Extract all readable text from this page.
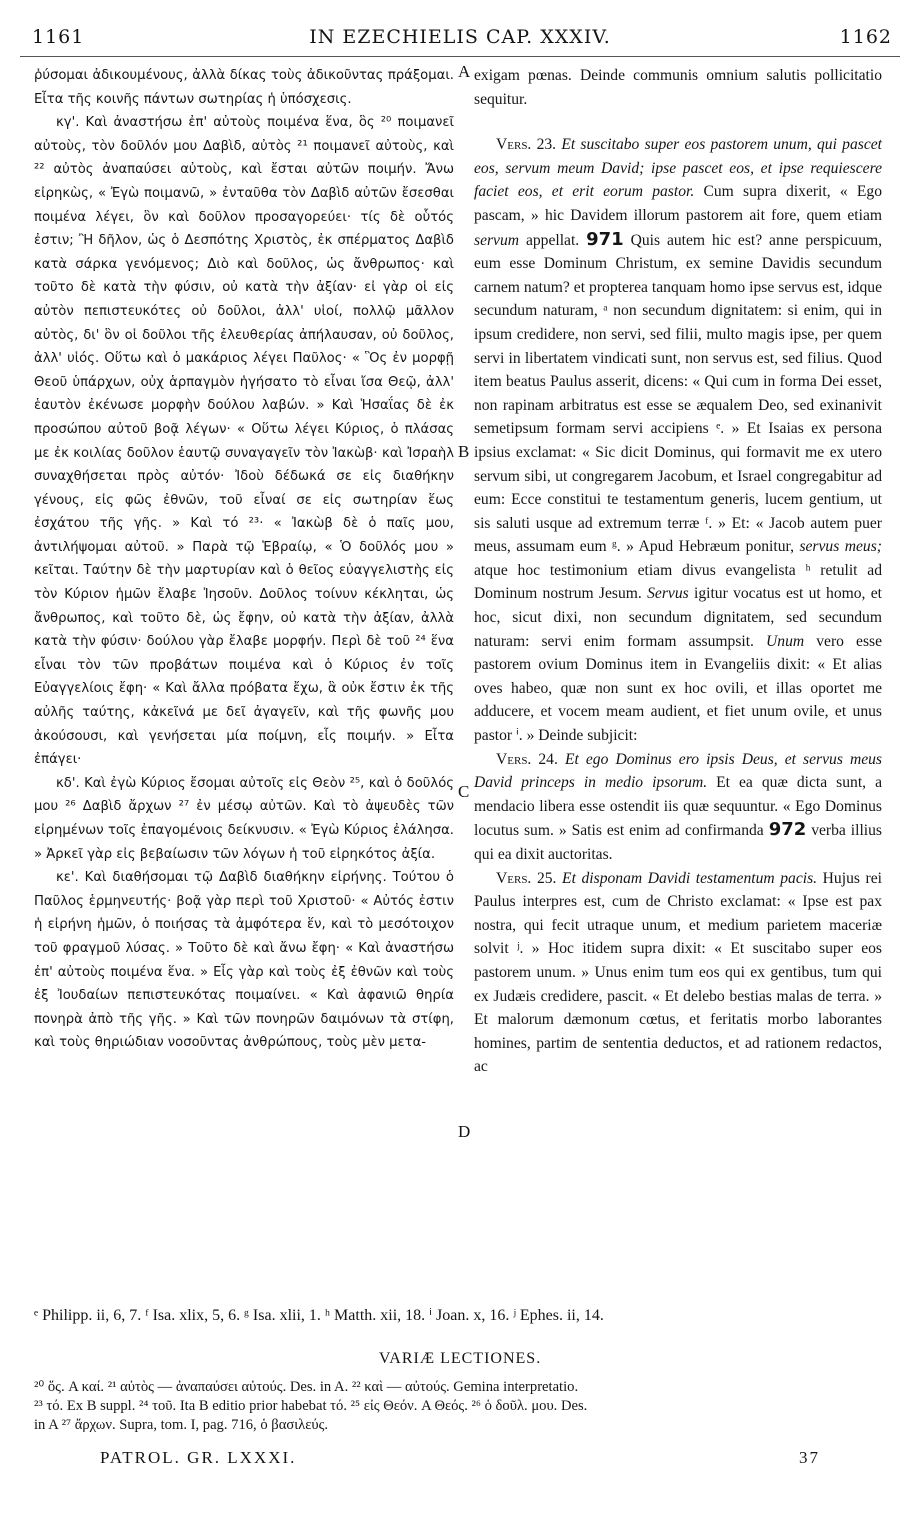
1161	IN EZECHIELIS CAP. XXXIV.	1162

ῥύσομαι ἀδικουμένους, ἀλλὰ δίκας τοὺς ἀδικοῦντας πράξομαι. Εἶτα τῆς κοινῆς πάντων σωτηρίας ἡ ὑπόσχεσις.

κγ'. Καὶ ἀναστήσω ἐπ' αὐτοὺς ποιμένα ἕνα, ὃς ²⁰ ποιμανεῖ αὐτοὺς, τὸν δοῦλόν μου Δαβὶδ, αὐτὸς ²¹ ποιμανεῖ αὐτοὺς, καὶ ²² αὐτὸς ἀναπαύσει αὐτοὺς, καὶ ἔσται αὐτῶν ποιμήν. Ἄνω εἰρηκὼς, « Ἐγὼ ποιμανῶ, » ἐνταῦθα τὸν Δαβὶδ αὐτῶν ἔσεσθαι ποιμένα λέγει, ὃν καὶ δοῦλον προσαγορεύει· τίς δὲ οὗτός ἐστιν; Ἢ δῆλον, ὡς ὁ Δεσπότης Χριστὸς, ἐκ σπέρματος Δαβὶδ κατὰ σάρκα γενόμενος; Διὸ καὶ δοῦλος, ὡς ἄνθρωπος· καὶ τοῦτο δὲ κατὰ τὴν φύσιν, οὐ κατὰ τὴν ἀξίαν· εἰ γὰρ οἱ εἰς αὐτὸν πεπιστευκότες οὐ δοῦλοι, ἀλλ' υἱοί, πολλῷ μᾶλλον αὐτὸς, δι' ὃν οἱ δοῦλοι τῆς ἐλευθερίας ἀπήλαυσαν, οὐ δοῦλος, ἀλλ' υἱός. Οὕτω καὶ ὁ μακάριος λέγει Παῦλος· « Ὃς ἐν μορφῇ Θεοῦ ὑπάρχων, οὐχ ἁρπαγμὸν ἡγήσατο τὸ εἶναι ἴσα Θεῷ, ἀλλ' ἑαυτὸν ἐκένωσε μορφὴν δούλου λαβών. » Καὶ Ἡσαΐας δὲ ἐκ προσώπου αὐτοῦ βοᾷ λέγων· « Οὕτω λέγει Κύριος, ὁ πλάσας με ἐκ κοιλίας δοῦλον ἑαυτῷ συναγαγεῖν τὸν Ἰακὼβ· καὶ Ἰσραὴλ συναχθήσεται πρὸς αὐτόν· Ἰδοὺ δέδωκά σε εἰς διαθήκην γένους, εἰς φῶς ἐθνῶν, τοῦ εἶναί σε εἰς σωτηρίαν ἕως ἐσχάτου τῆς γῆς. » Καὶ τό ²³· « Ἰακὼβ δὲ ὁ παῖς μου, ἀντιλήψομαι αὐτοῦ. » Παρὰ τῷ Ἑβραίῳ, « Ὁ δοῦλός μου » κεῖται. Ταύτην δὲ τὴν μαρτυρίαν καὶ ὁ θεῖος εὐαγγελιστὴς εἰς τὸν Κύριον ἡμῶν ἔλαβε Ἰησοῦν. Δοῦλος τοίνυν κέκληται, ὡς ἄνθρωπος, καὶ τοῦτο δὲ, ὡς ἔφην, οὐ κατὰ τὴν ἀξίαν, ἀλλὰ κατὰ τὴν φύσιν· δούλου γὰρ ἔλαβε μορφήν. Περὶ δὲ τοῦ ²⁴ ἕνα εἶναι τὸν τῶν προβάτων ποιμένα καὶ ὁ Κύριος ἐν τοῖς Εὐαγγελίοις ἔφη· « Καὶ ἄλλα πρόβατα ἔχω, ἃ οὐκ ἔστιν ἐκ τῆς αὐλῆς ταύτης, κἀκεῖνά με δεῖ ἀγαγεῖν, καὶ τῆς φωνῆς μου ἀκούσουσι, καὶ γενήσεται μία ποίμνη, εἷς ποιμήν. » Εἶτα ἐπάγει·

κδ'. Καὶ ἐγὼ Κύριος ἔσομαι αὐτοῖς εἰς Θεὸν ²⁵, καὶ ὁ δοῦλός μου ²⁶ Δαβὶδ ἄρχων ²⁷ ἐν μέσῳ αὐτῶν. Καὶ τὸ ἀψευδὲς τῶν εἰρημένων τοῖς ἐπαγομένοις δείκνυσιν. « Ἐγὼ Κύριος ἐλάλησα. » Ἀρκεῖ γὰρ εἰς βεβαίωσιν τῶν λόγων ἡ τοῦ εἰρηκότος ἀξία.

κε'. Καὶ διαθήσομαι τῷ Δαβὶδ διαθήκην εἰρήνης. Τούτου ὁ Παῦλος ἑρμηνευτής· βοᾷ γὰρ περὶ τοῦ Χριστοῦ· « Αὐτός ἐστιν ἡ εἰρήνη ἡμῶν, ὁ ποιήσας τὰ ἀμφότερα ἕν, καὶ τὸ μεσότοιχον τοῦ φραγμοῦ λύσας. » Τοῦτο δὲ καὶ ἄνω ἔφη· « Καὶ ἀναστήσω ἐπ' αὐτοὺς ποιμένα ἕνα. » Εἷς γὰρ καὶ τοὺς ἐξ ἐθνῶν καὶ τοὺς ἐξ Ἰουδαίων πεπιστευκότας ποιμαίνει. « Καὶ ἀφανιῶ θηρία πονηρὰ ἀπὸ τῆς γῆς. » Καὶ τῶν πονηρῶν δαιμόνων τὰ στίφη, καὶ τοὺς θηριώδιαν νοσοῦντας ἀνθρώπους, τοὺς μὲν μετα-

A
B
C
D

exigam pœnas. Deinde communis omnium salutis pollicitatio sequitur.

Vers. 23. Et suscitabo super eos pastorem unum, qui pascet eos, servum meum David; ipse pascet eos, et ipse requiescere faciet eos, et erit eorum pastor. Cum supra dixerit, « Ego pascam, » hic Davidem illorum pastorem ait fore, quem etiam servum appellat. 971 Quis autem hic est? anne perspicuum, eum esse Dominum Christum, ex semine Davidis secundum carnem natum? et propterea tanquam homo ipse servus est, idque secundum naturam, ᵃ non secundum dignitatem: si enim, qui in ipsum credidere, non servi, sed filii, multo magis ipse, per quem servi in libertatem vindicati sunt, non servus est, sed filius. Quod item beatus Paulus asserit, dicens: « Qui cum in forma Dei esset, non rapinam arbitratus est esse se æqualem Deo, sed exinanivit semetipsum formam servi accipiens ᵉ. » Et Isaias ex persona ipsius exclamat: « Sic dicit Dominus, qui formavit me ex utero servum sibi, ut congregarem Jacobum, et Israel congregabitur ad eum: Ecce constitui te testamentum generis, lucem gentium, ut sis saluti usque ad extremum terræ ᶠ. » Et: « Jacob autem puer meus, assumam eum ᵍ. » Apud Hebræum ponitur, servus meus; atque hoc testimonium etiam divus evangelista ʰ retulit ad Dominum nostrum Jesum. Servus igitur vocatus est ut homo, et hoc, sicut dixi, non secundum dignitatem, sed secundum naturam: servi enim formam assumpsit. Unum vero esse pastorem ovium Dominus item in Evangeliis dixit: « Et alias oves habeo, quæ non sunt ex hoc ovili, et illas oportet me adducere, et vocem meam audient, et fiet unum ovile, et unus pastor ⁱ. » Deinde subjicit:

Vers. 24. Et ego Dominus ero ipsis Deus, et servus meus David princeps in medio ipsorum. Et ea quæ dicta sunt, a mendacio libera esse ostendit iis quæ sequuntur. « Ego Dominus locutus sum. » Satis est enim ad confirmanda 972 verba illius qui ea dixit auctoritas.

Vers. 25. Et disponam Davidi testamentum pacis. Hujus rei Paulus interpres est, cum de Christo exclamat: « Ipse est pax nostra, qui fecit utraque unum, et medium parietem maceriæ solvit ʲ. » Hoc itidem supra dixit: « Et suscitabo super eos pastorem unum. » Unus enim tum eos qui ex gentibus, tum qui ex Judæis credidere, pascit. « Et delebo bestias malas de terra. » Et malorum dæmonum cœtus, et feritatis morbo laborantes homines, partim de sententia deductos, et ad rationem redactos, ac

ᵉ Philipp. ii, 6, 7. ᶠ Isa. xlix, 5, 6. ᵍ Isa. xlii, 1. ʰ Matth. xii, 18. ⁱ Joan. x, 16. ʲ Ephes. ii, 14.
VARIÆ LECTIONES.

²⁰ ὅς. A καί. ²¹ αὐτὸς — ἀναπαύσει αὐτούς. Des. in A. ²² καὶ — αὐτούς. Gemina interpretatio.

²³ τό. Ex B suppl. ²⁴ τοῦ. Ita B editio prior habebat τό. ²⁵ εἰς Θεόν. A Θεός. ²⁶ ὁ δοῦλ. μου. Des.

in A ²⁷ ἄρχων. Supra, tom. I, pag. 716, ὁ βασιλεύς.

PATROL. GR. LXXXI.	37
